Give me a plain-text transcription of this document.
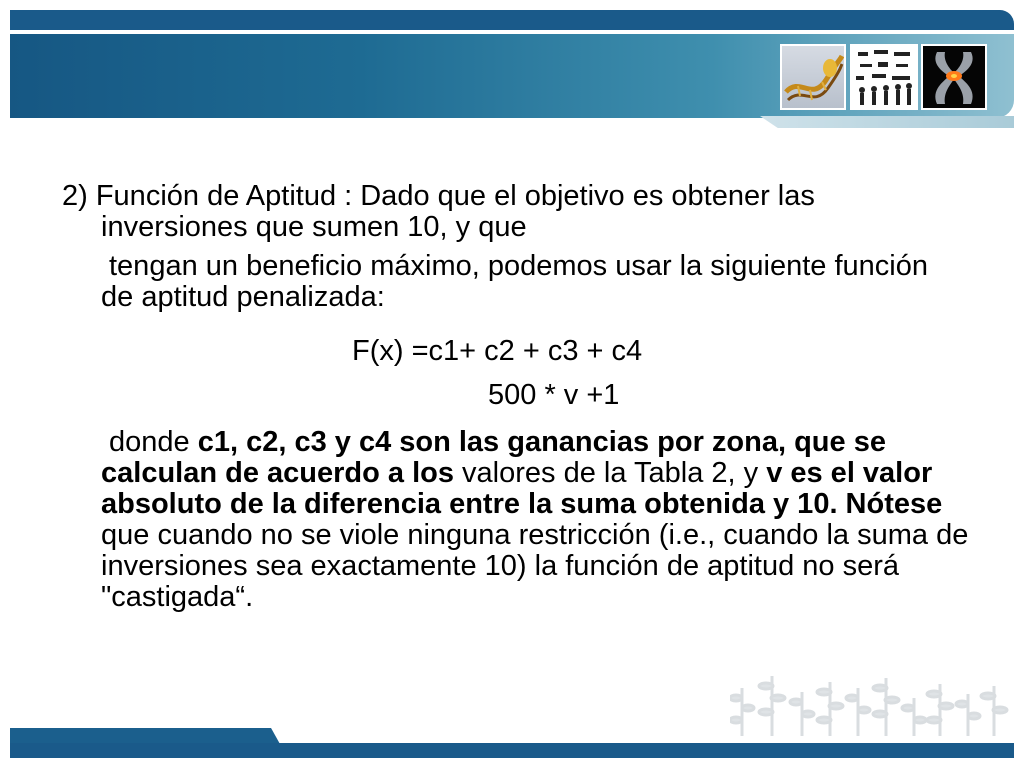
2) Función de Aptitud : Dado que el objetivo es obtener las inversiones que sumen 10, y que

tengan un beneficio máximo, podemos usar la siguiente función de aptitud penalizada:

F(x) =c1+ c2 + c3 + c4
500 * v +1

donde c1, c2, c3 y c4 son las ganancias por zona, que se calculan de acuerdo a los valores de la Tabla 2, y v es el valor absoluto de la diferencia entre la suma obtenida y 10. Nótese que cuando no se viole ninguna restricción (i.e., cuando la suma de inversiones sea exactamente 10) la función de aptitud no será "castigada“.
